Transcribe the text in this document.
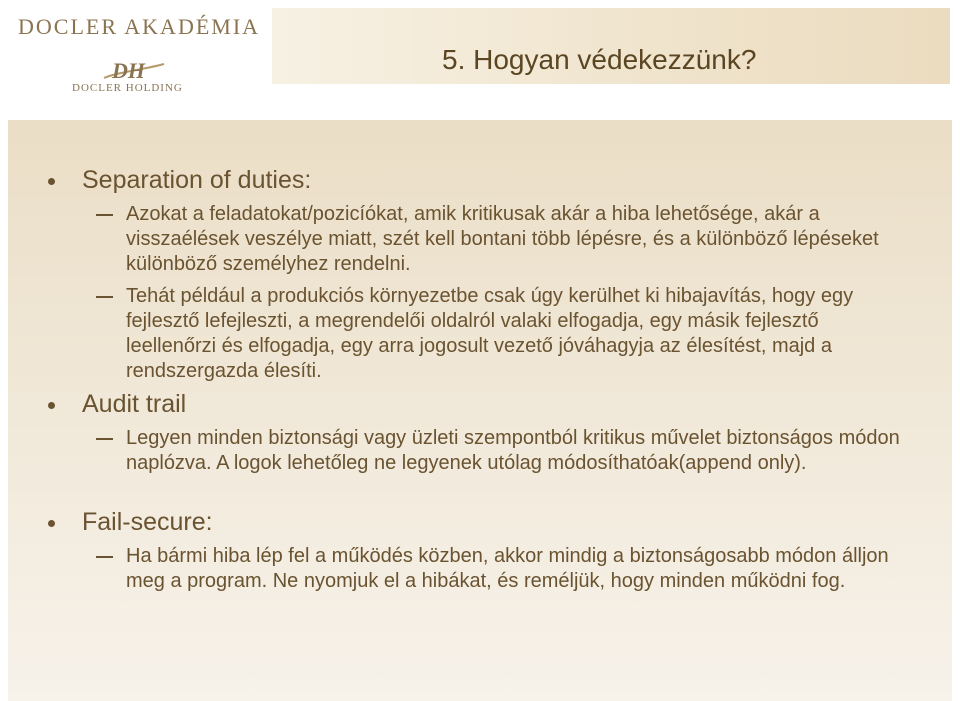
DOCLER AKADÉMIA
DH
DOCLER HOLDING
5. Hogyan védekezzünk?
Separation of duties:
Azokat a feladatokat/pozicíókat, amik kritikusak akár a hiba lehetősége, akár a visszaélések veszélye miatt, szét kell bontani több lépésre, és a különböző lépéseket különböző személyhez rendelni.
Tehát például a produkciós környezetbe csak úgy kerülhet ki hibajavítás, hogy egy fejlesztő lefejleszti, a megrendelői oldalról valaki elfogadja, egy másik fejlesztő leellenőrzi és elfogadja, egy arra jogosult vezető jóváhagyja az élesítést, majd a rendszergazda élesíti.
Audit trail
Legyen minden biztonsági vagy üzleti szempontból kritikus művelet biztonságos módon naplózva. A logok lehetőleg ne legyenek utólag módosíthatóak(append only).
Fail-secure:
Ha bármi hiba lép fel a működés közben, akkor mindig a biztonságosabb módon álljon meg a program. Ne nyomjuk el a hibákat, és reméljük, hogy minden működni fog.
